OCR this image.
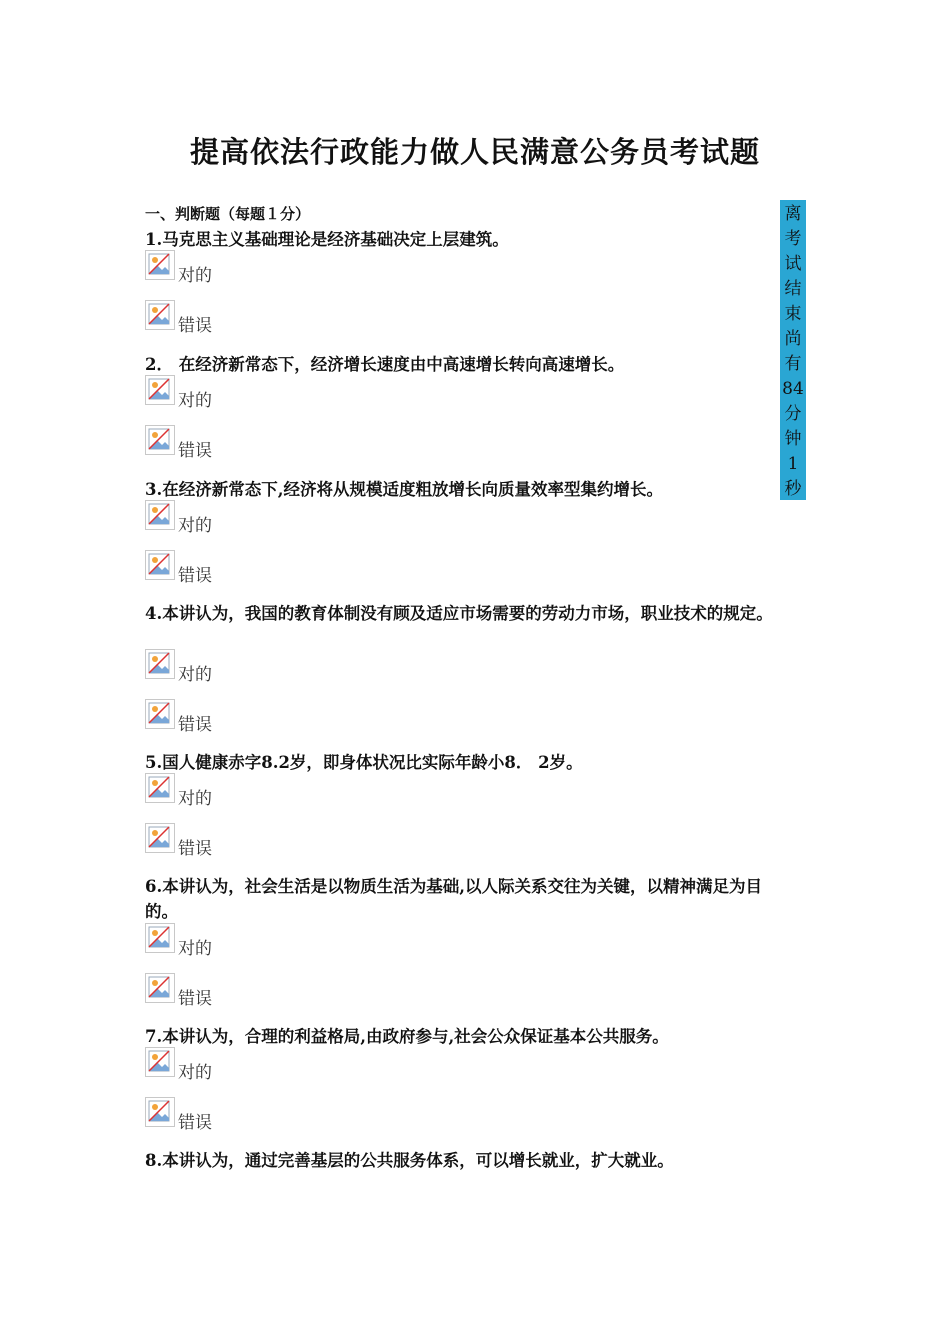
提高依法行政能力做人民满意公务员考试题
一、判断题（每题１分）	离
考
试
结
束
尚
有
84
分
钟
1
秒
1.马克思主义基础理论是经济基础决定上层建筑。
对的
错误
2． 在经济新常态下，经济增长速度由中高速增长转向高速增长。
对的
错误
3.在经济新常态下,经济将从规模适度粗放增长向质量效率型集约增长。
对的
错误
4.本讲认为，我国的教育体制没有顾及适应市场需要的劳动力市场，职业技术的规定。
对的
错误
5.国人健康赤字8.2岁，即身体状况比实际年龄小8． 2岁。
对的
错误
6.本讲认为，社会生活是以物质生活为基础,以人际关系交往为关键，以精神满足为目的。
对的
错误
7.本讲认为，合理的利益格局,由政府参与,社会公众保证基本公共服务。
对的
错误
8.本讲认为，通过完善基层的公共服务体系，可以增长就业，扩大就业。
